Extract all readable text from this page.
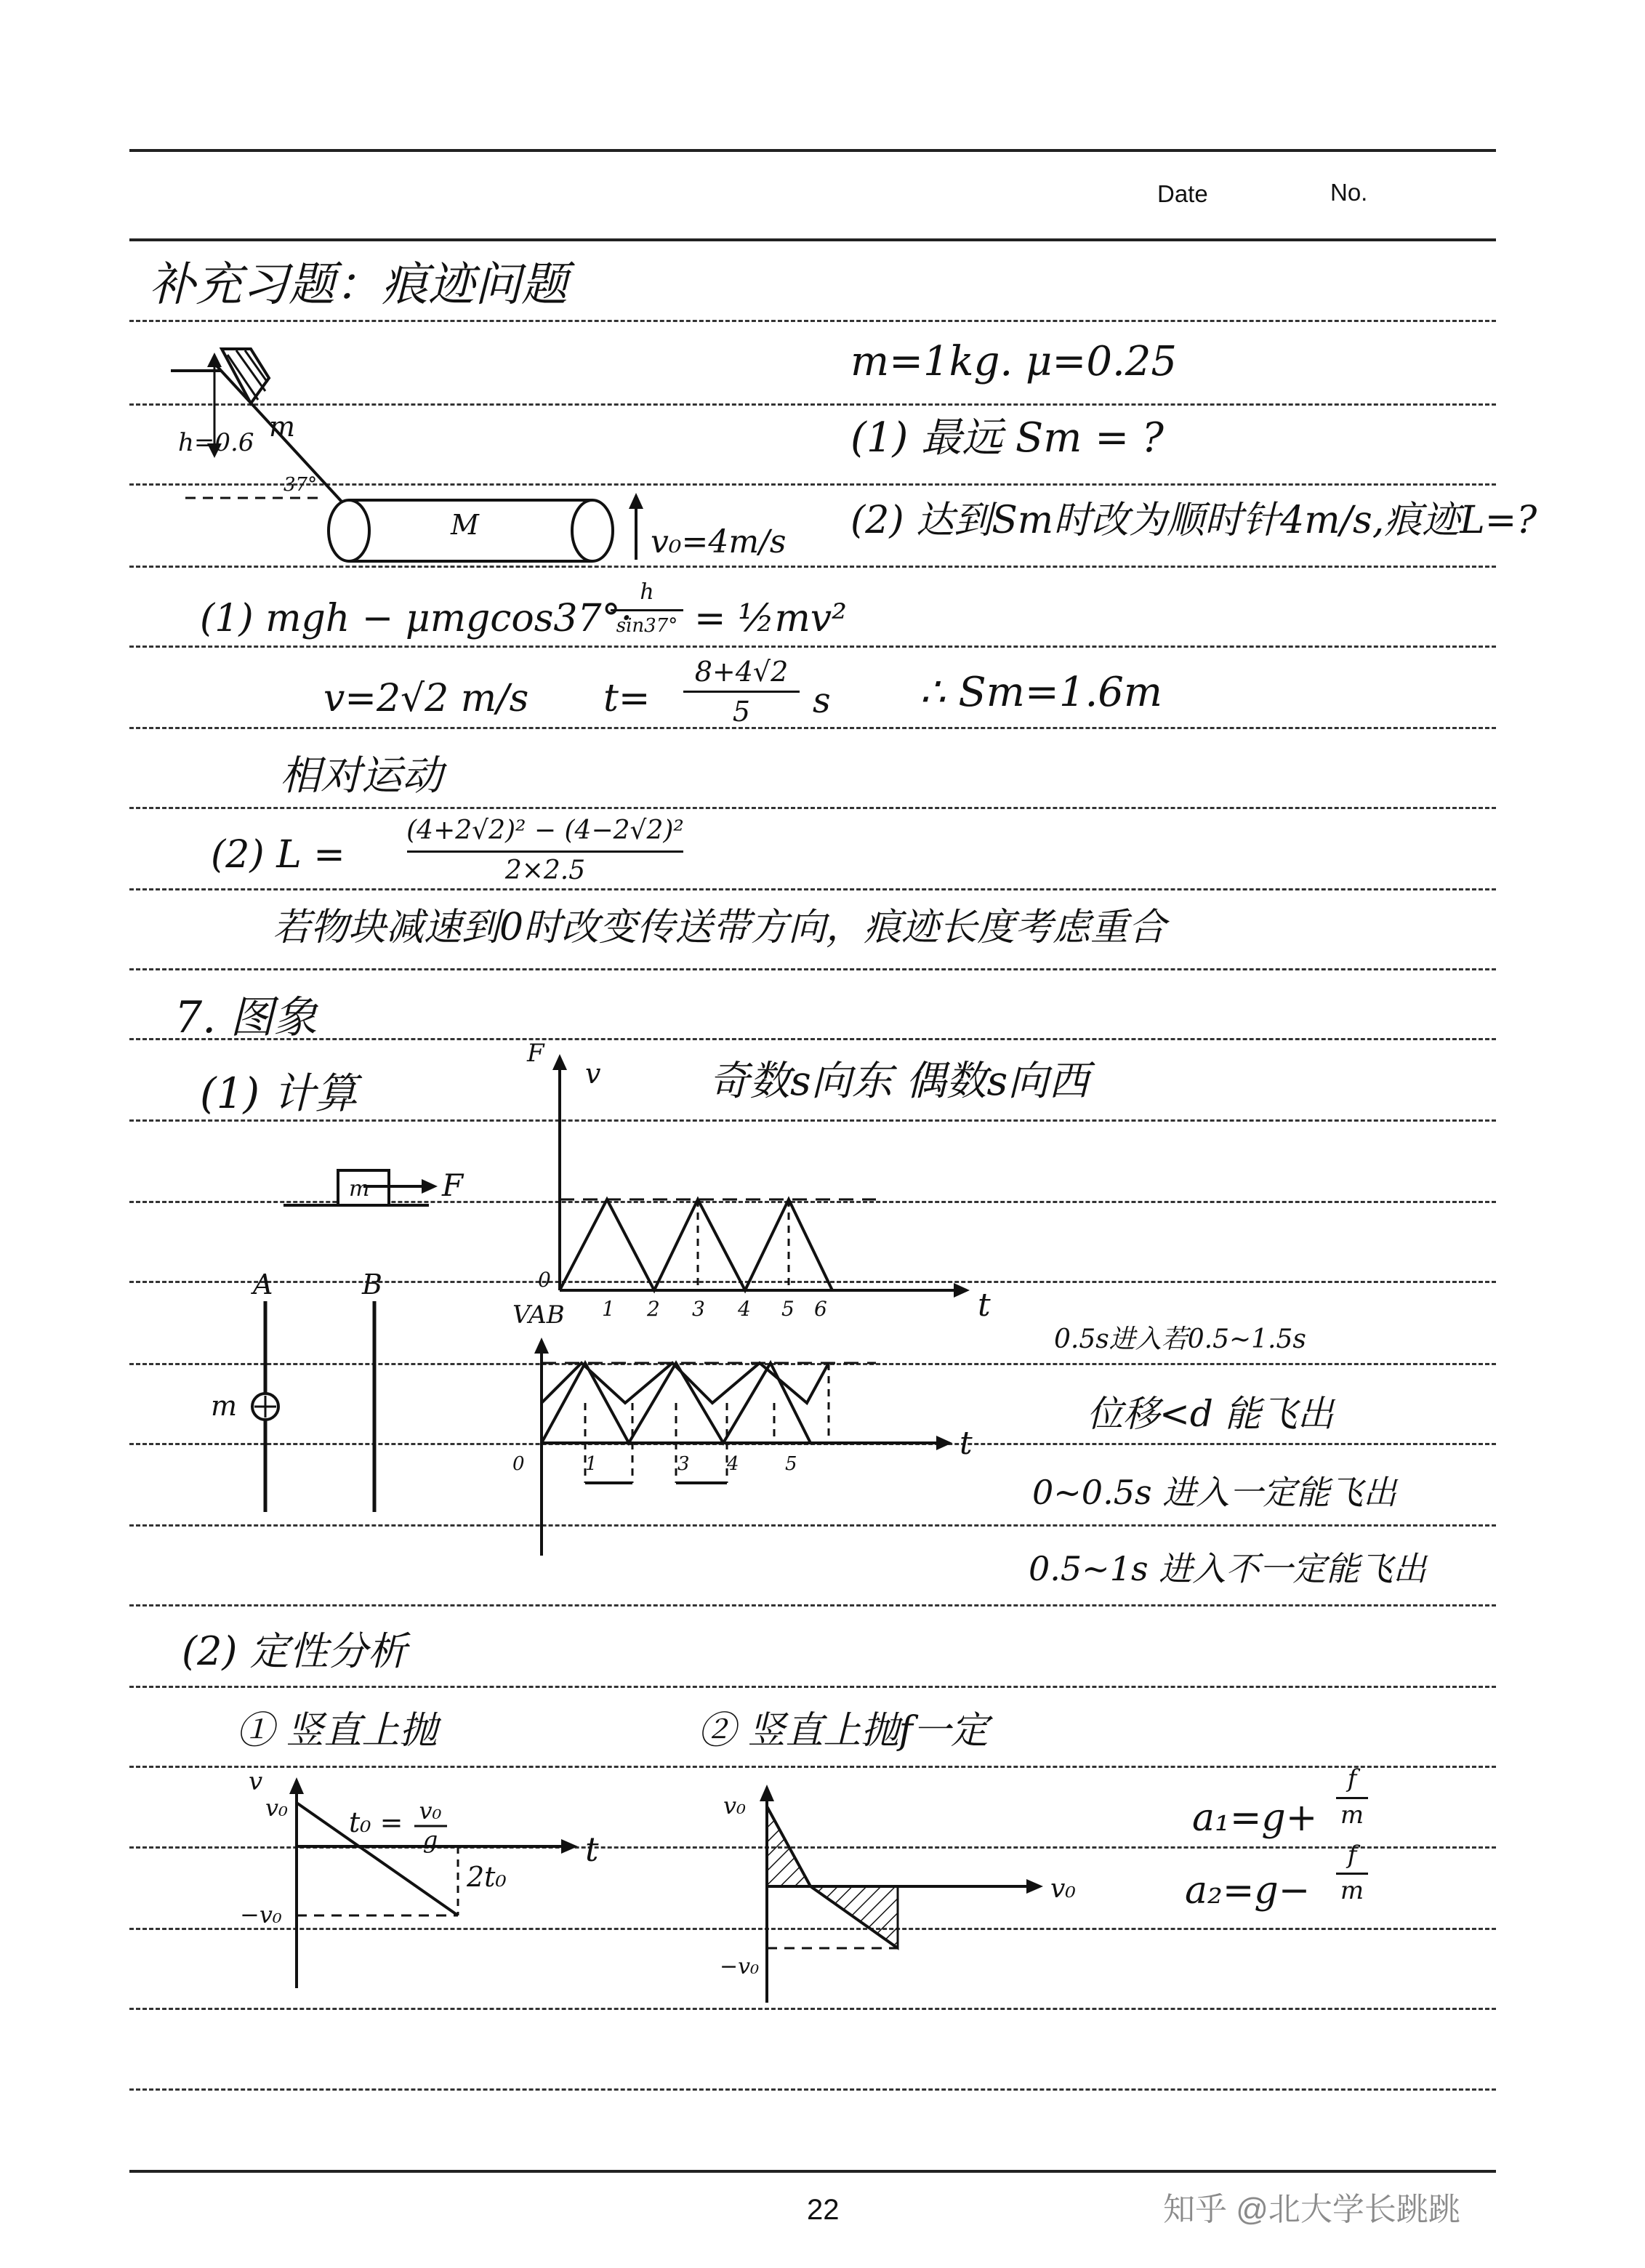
Date	No.
补充习题：痕迹问题
h=0.6
37°
m
M	v₀=4m/s
m=1kg. μ=0.25
(1) 最远 Sm = ?
(2) 达到Sm时改为顺时针4m/s,痕迹L=?
(1) mgh − μmgcos37°·
h
sin37° = ½mv²
v=2√2 m/s t=
8+4√2
5	s ∴ Sm=1.6m
相对运动
(2) L =
(4+2√2)² − (4−2√2)²
2×2.5
若物块减速到0时改变传送带方向，痕迹长度考虑重合
7. 图象
(1) 计算	奇数s向东 偶数s向西
m F
F
v
0
t
1 2 3 4 5 6
A	B
m
VAB
0
t
1	3 4 5
0.5s进入若0.5~1.5s
位移<d 能飞出
0~0.5s 进入一定能飞出
0.5~1s 进入不一定能飞出
(2) 定性分析
① 竖直上抛	② 竖直上抛f一定
v
v₀
−v₀
t₀ = v₀
g
2t₀
t
v₀
−v₀
v₀
a₁=g+
f
m
a₂=g−
f
m
22	知乎 @北大学长跳跳
